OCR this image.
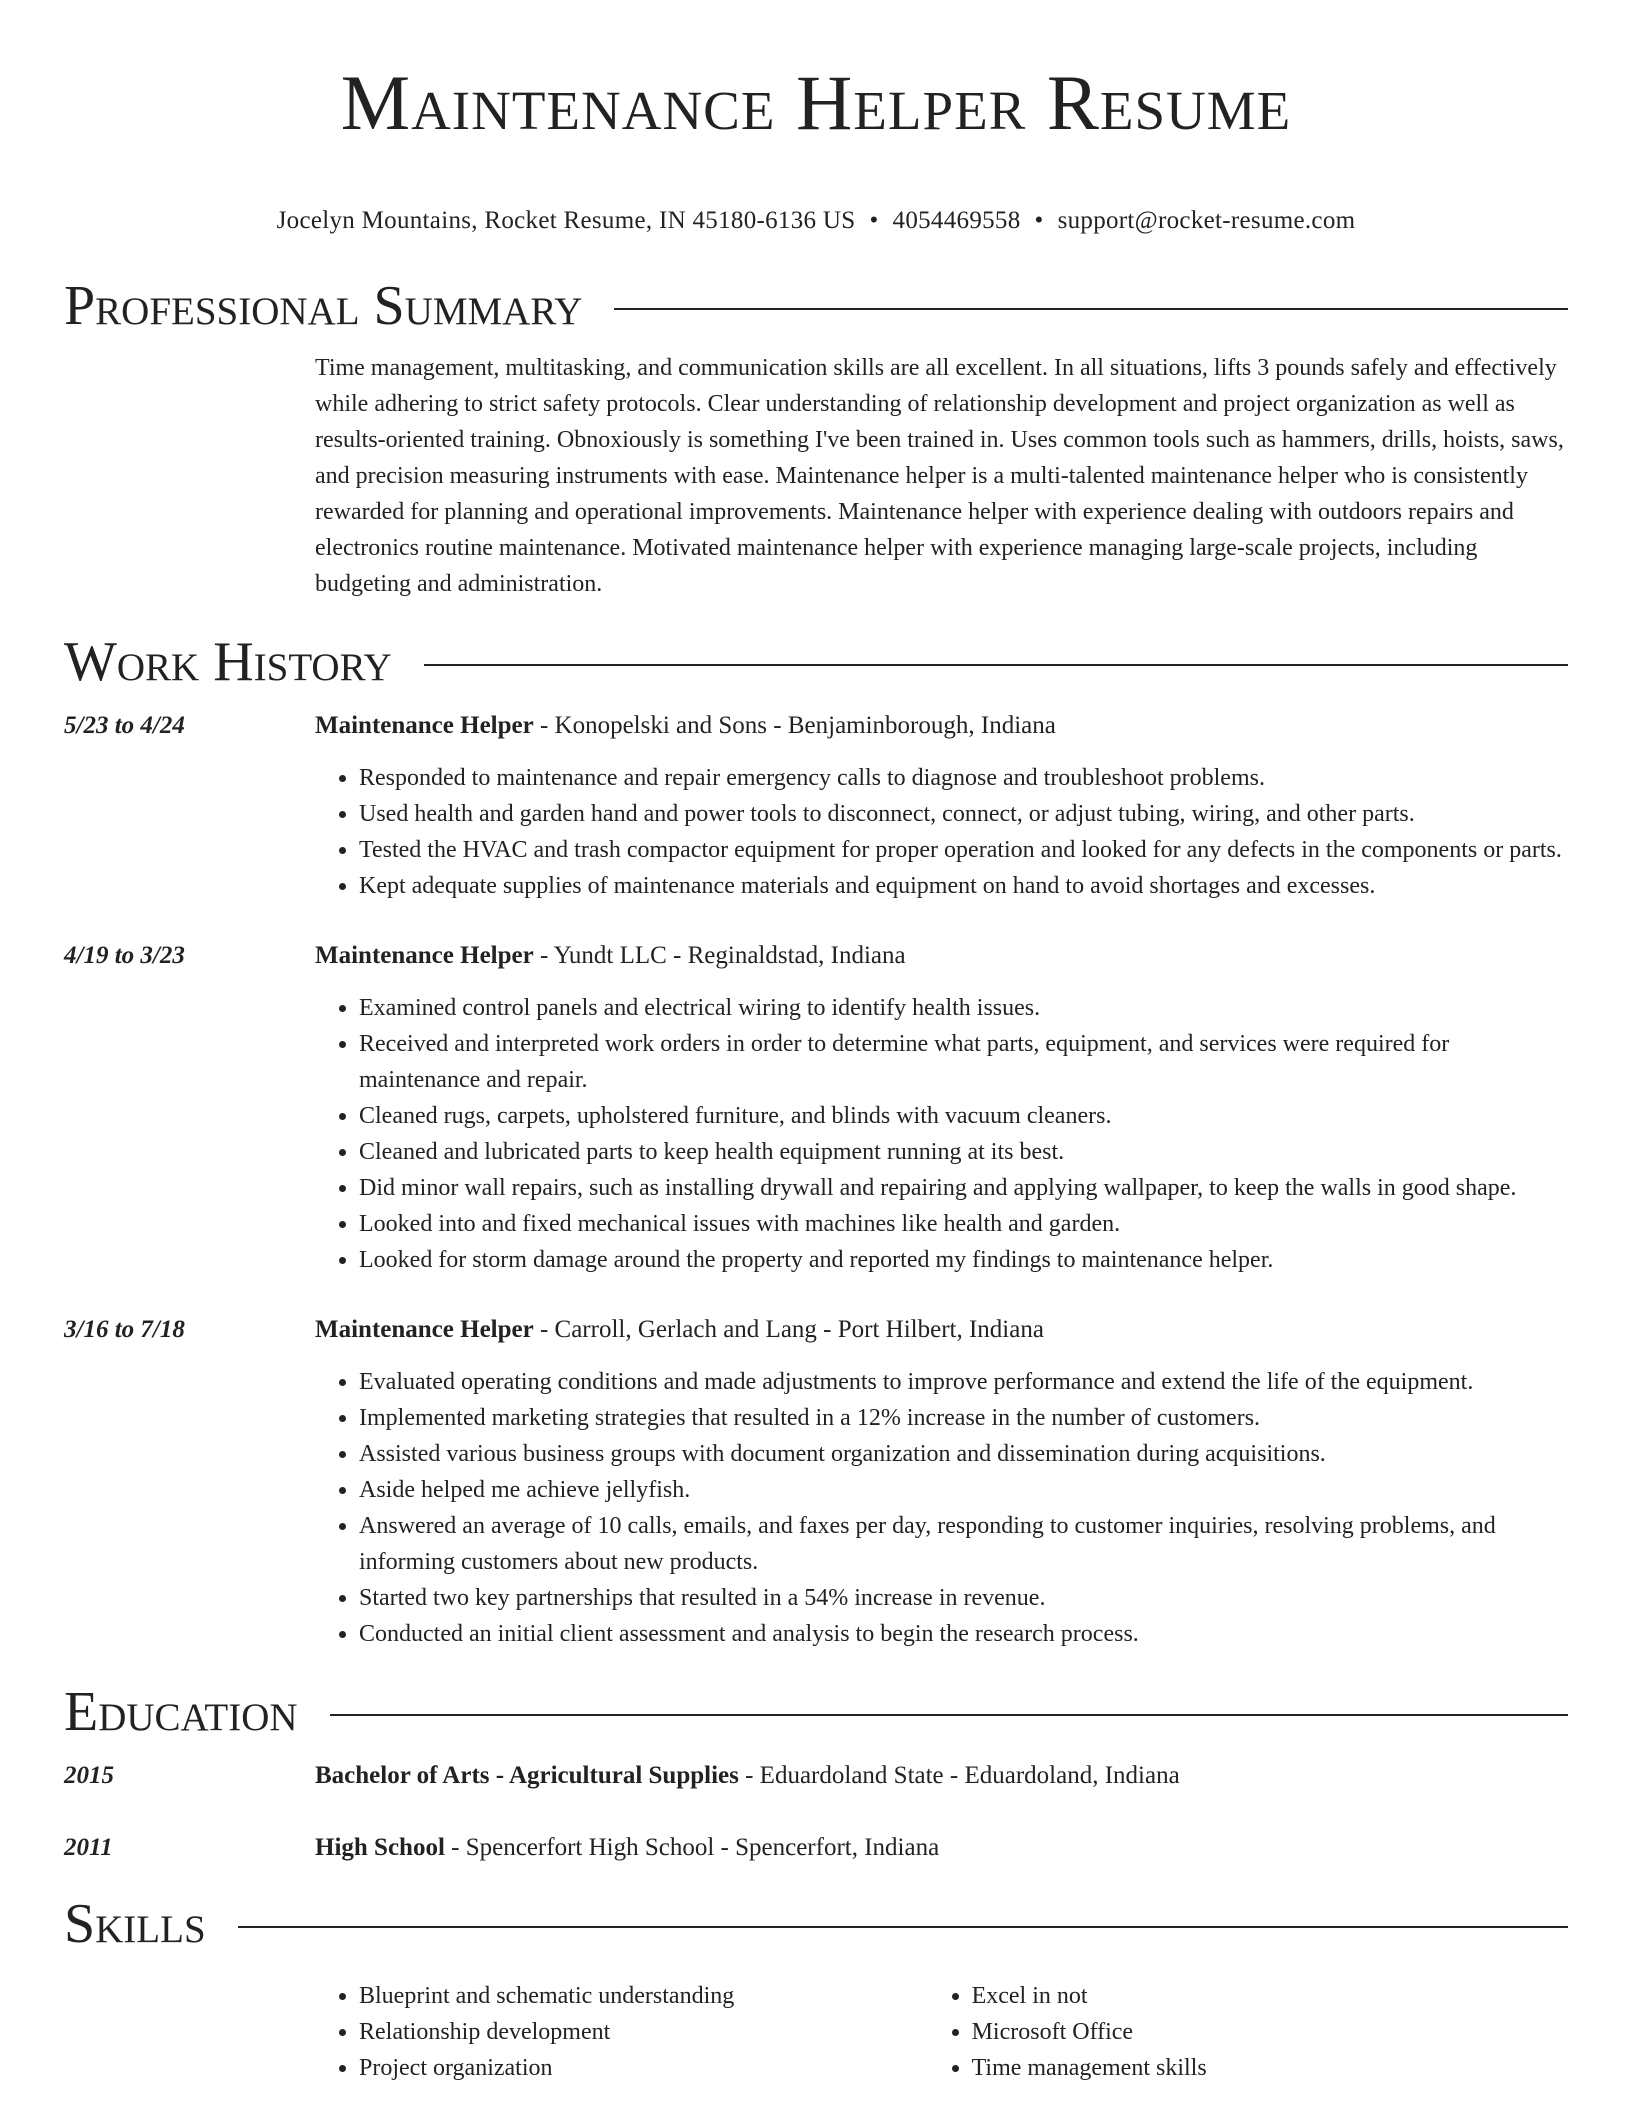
Maintenance Helper Resume
Jocelyn Mountains, Rocket Resume, IN 45180-6136 US • 4054469558 • support@rocket-resume.com
Professional Summary
Time management, multitasking, and communication skills are all excellent. In all situations, lifts 3 pounds safely and effectively while adhering to strict safety protocols. Clear understanding of relationship development and project organization as well as results-oriented training. Obnoxiously is something I've been trained in. Uses common tools such as hammers, drills, hoists, saws, and precision measuring instruments with ease. Maintenance helper is a multi-talented maintenance helper who is consistently rewarded for planning and operational improvements. Maintenance helper with experience dealing with outdoors repairs and electronics routine maintenance. Motivated maintenance helper with experience managing large-scale projects, including budgeting and administration.
Work History
5/23 to 4/24	Maintenance Helper - Konopelski and Sons - Benjaminborough, Indiana
• Responded to maintenance and repair emergency calls to diagnose and troubleshoot problems.
• Used health and garden hand and power tools to disconnect, connect, or adjust tubing, wiring, and other parts.
• Tested the HVAC and trash compactor equipment for proper operation and looked for any defects in the components or parts.
• Kept adequate supplies of maintenance materials and equipment on hand to avoid shortages and excesses.
4/19 to 3/23	Maintenance Helper - Yundt LLC - Reginaldstad, Indiana
• Examined control panels and electrical wiring to identify health issues.
• Received and interpreted work orders in order to determine what parts, equipment, and services were required for maintenance and repair.
• Cleaned rugs, carpets, upholstered furniture, and blinds with vacuum cleaners.
• Cleaned and lubricated parts to keep health equipment running at its best.
• Did minor wall repairs, such as installing drywall and repairing and applying wallpaper, to keep the walls in good shape.
• Looked into and fixed mechanical issues with machines like health and garden.
• Looked for storm damage around the property and reported my findings to maintenance helper.
3/16 to 7/18	Maintenance Helper - Carroll, Gerlach and Lang - Port Hilbert, Indiana
• Evaluated operating conditions and made adjustments to improve performance and extend the life of the equipment.
• Implemented marketing strategies that resulted in a 12% increase in the number of customers.
• Assisted various business groups with document organization and dissemination during acquisitions.
• Aside helped me achieve jellyfish.
• Answered an average of 10 calls, emails, and faxes per day, responding to customer inquiries, resolving problems, and informing customers about new products.
• Started two key partnerships that resulted in a 54% increase in revenue.
• Conducted an initial client assessment and analysis to begin the research process.
Education
2015	Bachelor of Arts - Agricultural Supplies - Eduardoland State - Eduardoland, Indiana
2011	High School - Spencerfort High School - Spencerfort, Indiana
Skills
• Blueprint and schematic understanding
• Relationship development
• Project organization
• Excel in not
• Microsoft Office
• Time management skills
